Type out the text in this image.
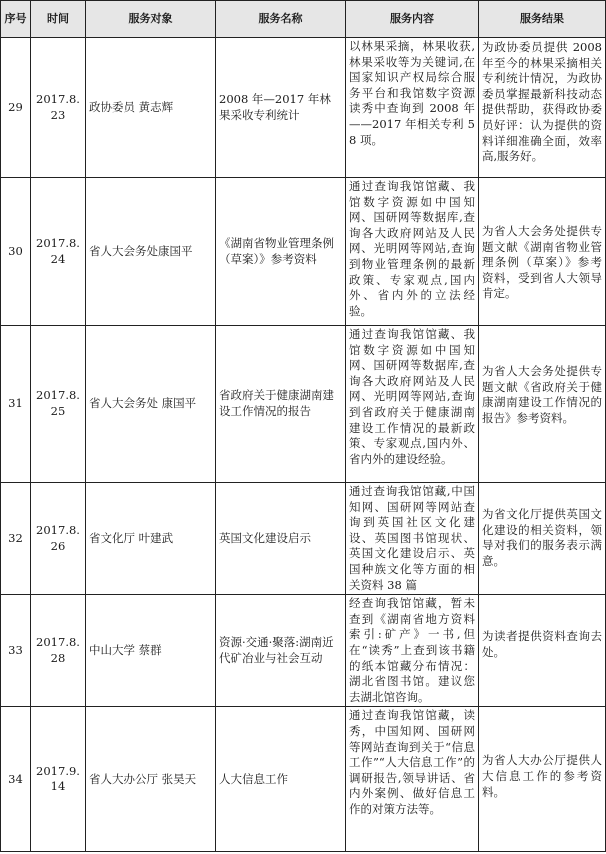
序号	时间	服务对象	服务名称	服务内容	服务结果
29	2017.8.23	政协委员 黄志辉	2008 年—2017 年林果采收专利统计	以林果采摘，林果收获,林果采收等为关键词,在国家知识产权局综合服务平台和我馆数字资源读秀中查询到 2008 年——2017 年相关专利 58 项。	为政协委员提供 2008 年至今的林果采摘相关专利统计情况，为政协委员掌握最新科技动态提供帮助，获得政协委员好评：认为提供的资料详细准确全面，效率高,服务好。
30	2017.8.24	省人大会务处康国平	《湖南省物业管理条例（草案）》参考资料	通过查询我馆馆藏、我馆数字资源如中国知网、国研网等数据库,查询各大政府网站及人民网、光明网等网站,查询到物业管理条例的最新政策、专家观点,国内外、省内外的立法经验。	为省人大会务处提供专题文献《湖南省物业管理条例（草案）》参考资料，受到省人大领导肯定。
31	2017.8.25	省人大会务处 康国平	省政府关于健康湖南建设工作情况的报告	通过查询我馆馆藏、我馆数字资源如中国知网、国研网等数据库,查询各大政府网站及人民网、光明网等网站,查询到省政府关于健康湖南建设工作情况的最新政策、专家观点,国内外、省内外的建设经验。	为省人大会务处提供专题文献《省政府关于健康湖南建设工作情况的报告》参考资料。
32	2017.8.26	省文化厅 叶建武	英国文化建设启示	通过查询我馆馆藏,中国知网、国研网等网站查询到英国社区文化建设、英国图书馆现状、英国文化建设启示、英国种族文化等方面的相关资料 38 篇	为省文化厅提供英国文化建设的相关资料，领导对我们的服务表示满意。
33	2017.8.28	中山大学 蔡群	资源·交通·聚落:湖南近代矿冶业与社会互动	经查询我馆馆藏，暂未查到《湖南省地方资料索引:矿产》一书,但在“读秀”上查到该书籍的纸本馆藏分布情况：湖北省图书馆。建议您去湖北馆咨询。	为读者提供资料查询去处。
34	2017.9.14	省人大办公厅 张昊天	人大信息工作	通过查询我馆馆藏，读秀，中国知网、国研网等网站查询到关于“信息工作”“人大信息工作”的调研报告,领导讲话、省内外案例、做好信息工作的对策方法等。	为省人大办公厅提供人大信息工作的参考资料。
